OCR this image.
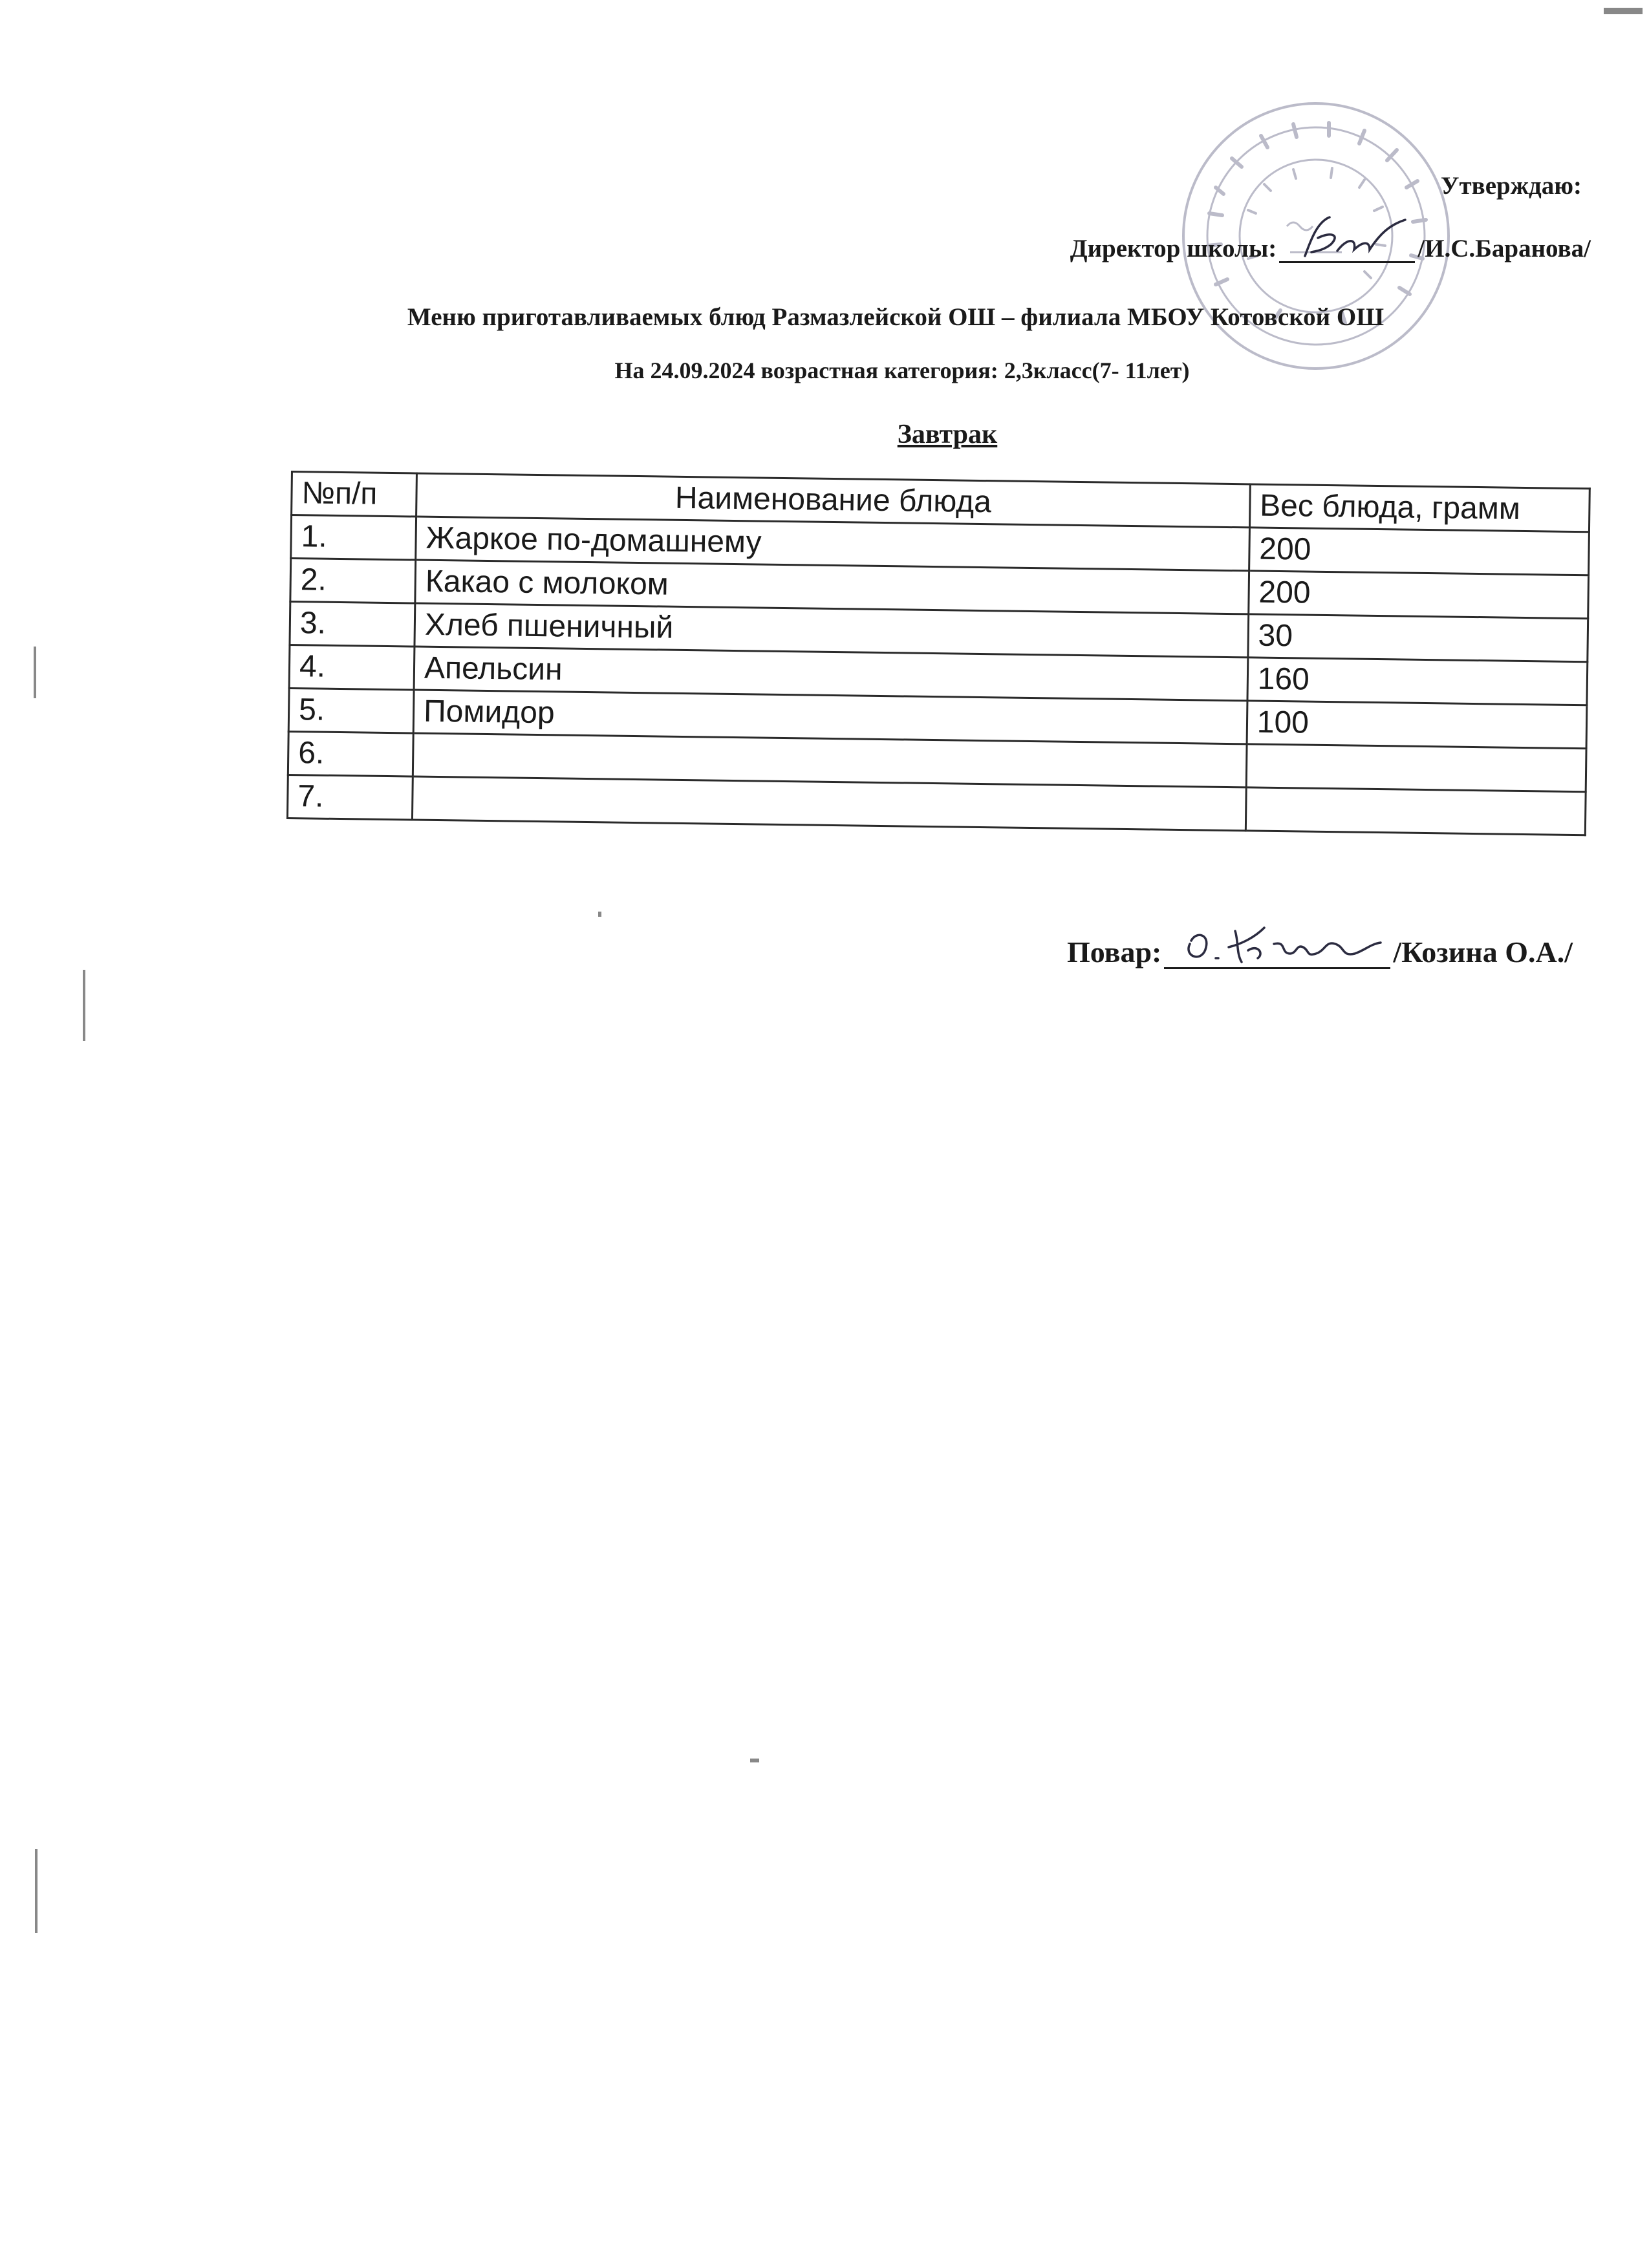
Утверждаю:
Директор школы:	/И.С.Баранова/
Меню приготавливаемых блюд Размазлейской ОШ – филиала МБОУ Котовской ОШ
На 24.09.2024 возрастная категория: 2,3класс(7- 11лет)
Завтрак
№п/п	Наименование блюда	Вес блюда, грамм
1.	Жаркое по-домашнему	200
2.	Какао с молоком	200
3.	Хлеб пшеничный	30
4.	Апельсин	160
5.	Помидор	100
6.		
7.		
Повар:	/Козина О.А./
